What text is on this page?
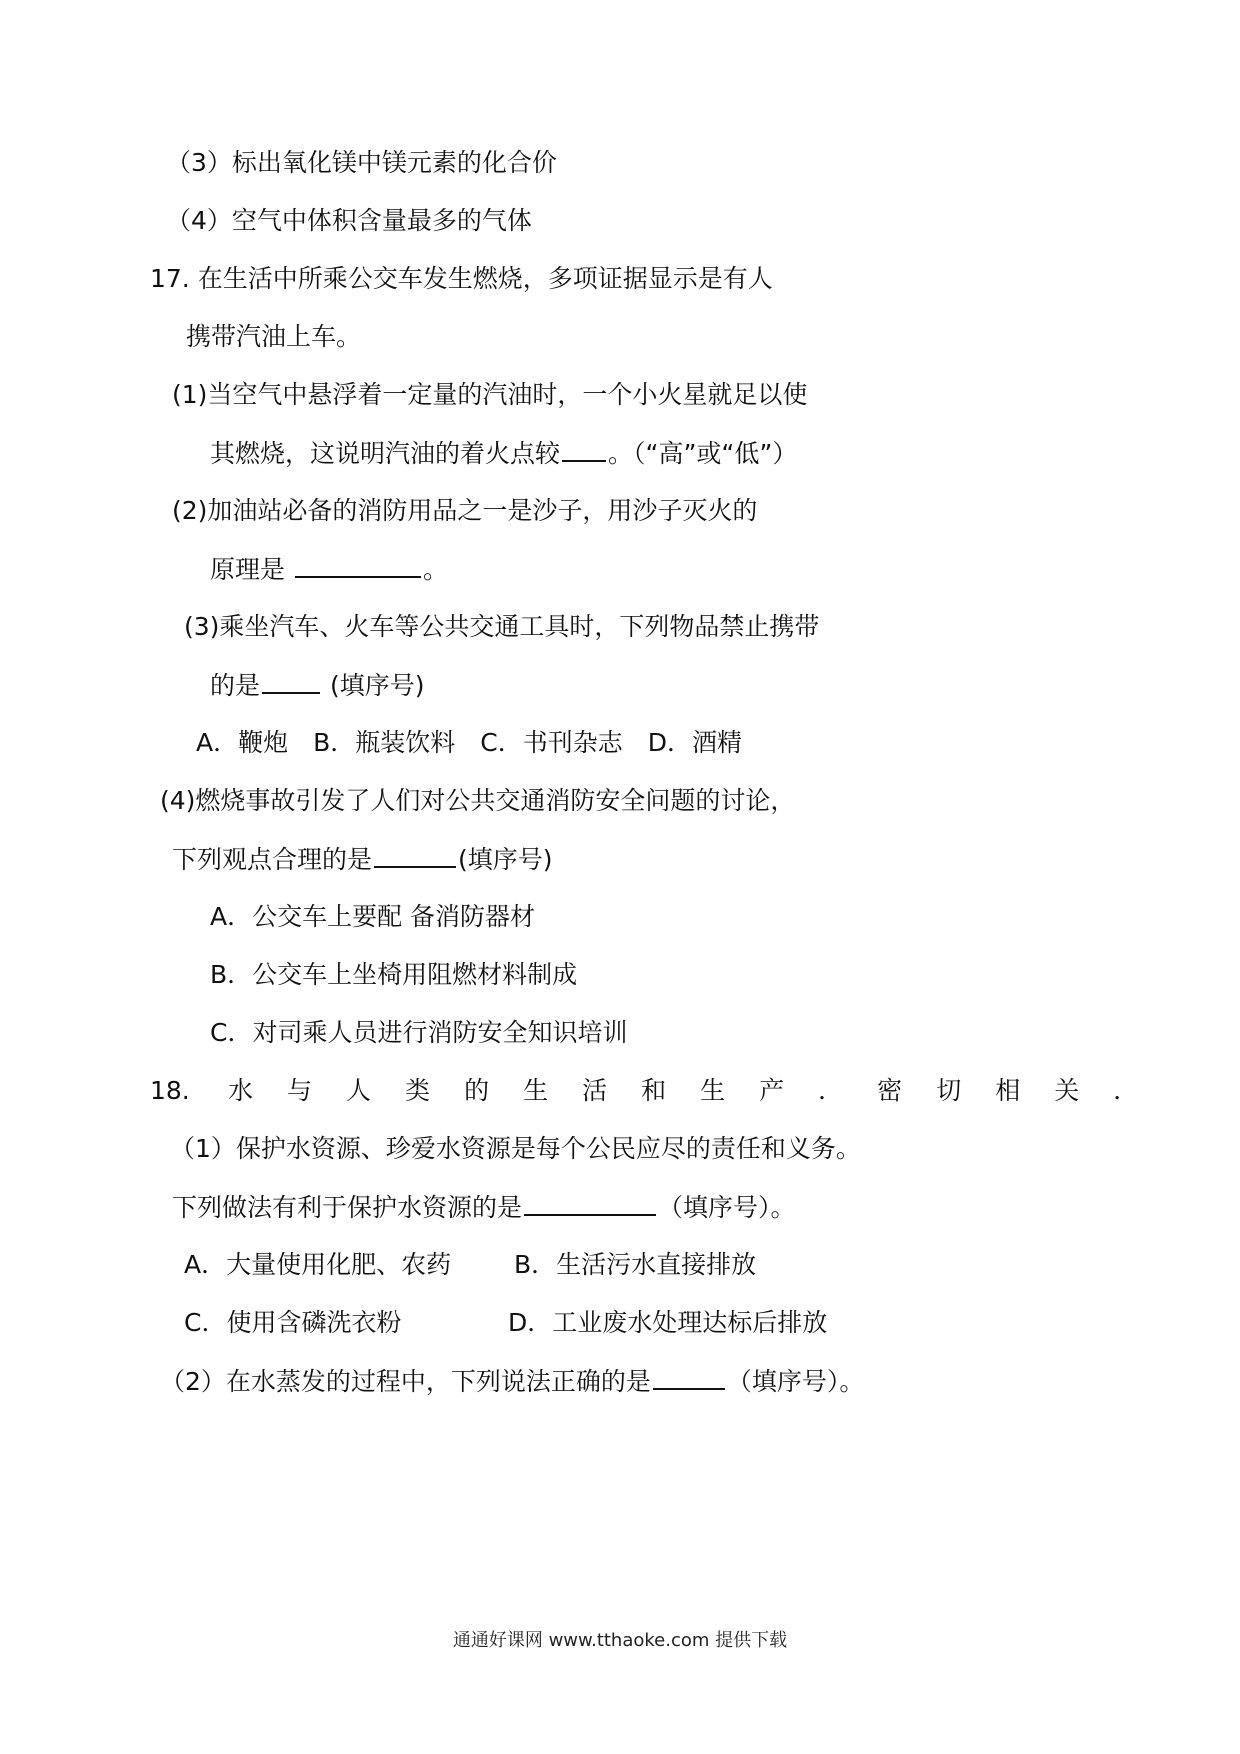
（3）标出氧化镁中镁元素的化合价
（4）空气中体积含量最多的气体
17. 在生活中所乘公交车发生燃烧，多项证据显示是有人
携带汽油上车。
(1)当空气中悬浮着一定量的汽油时，一个小火星就足以使
其燃烧，这说明汽油的着火点较 。（“高”或“低”）
(2)加油站必备的消防用品之一是沙子，用沙子灭火的
原理是	。
(3)乘坐汽车、火车等公共交通工具时，下列物品禁止携带
的是	(填序号)
A．鞭炮　B．瓶装饮料　C．书刊杂志　D．酒精
(4)燃烧事故引发了人们对公共交通消防安全问题的讨论，
下列观点合理的是	(填序号)
A．公交车上要配 备消防器材
B．公交车上坐椅用阻燃材料制成
C．对司乘人员进行消防安全知识培训
18. 水 与 人 类 的 生 活 和 生 产 ． 密 切 相 关 ．
（1）保护水资源、珍爱水资源是每个公民应尽的责任和义务。
下列做法有利于保护水资源的是	（填序号）。
A．大量使用化肥、农药	B．生活污水直接排放
C．使用含磷洗衣粉	D．工业废水处理达标后排放
（2）在水蒸发的过程中，下列说法正确的是	（填序号）。
通通好课网 www.tthaoke.com 提供下载
